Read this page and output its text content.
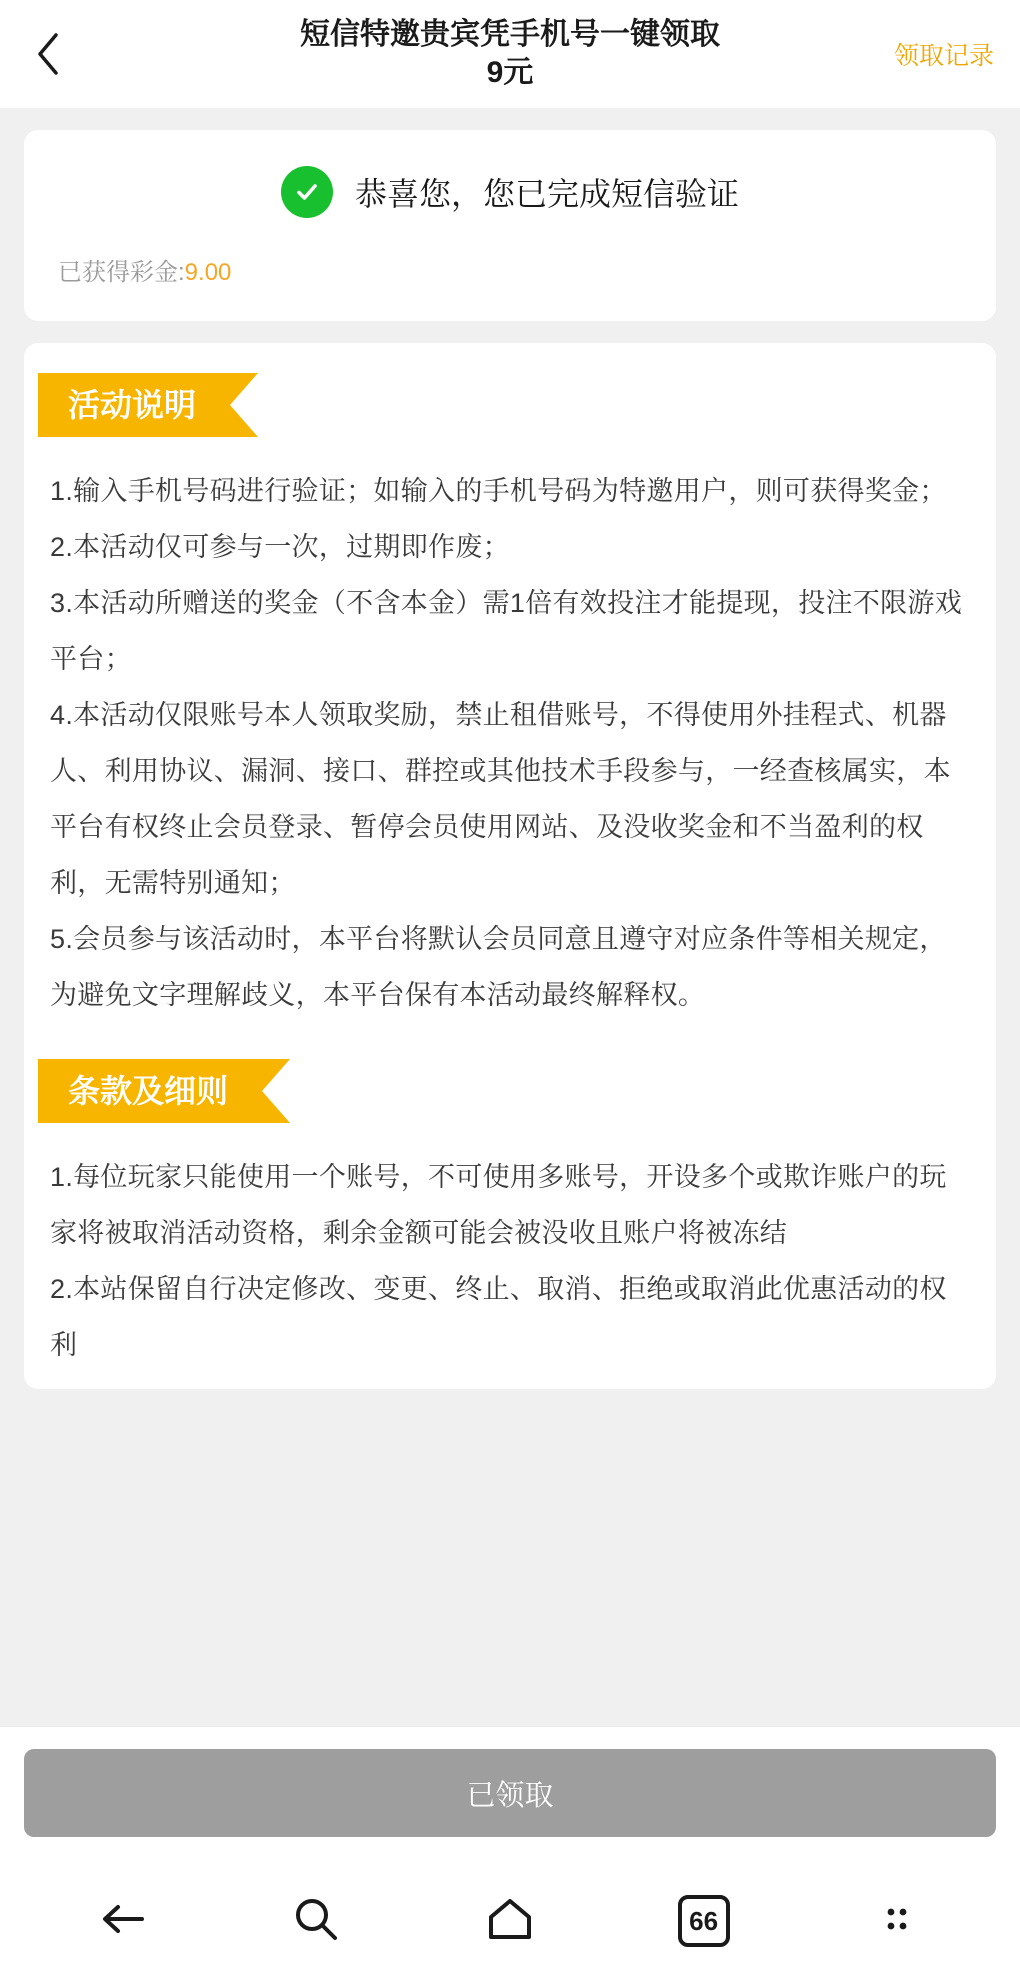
短信特邀贵宾凭手机号一键领取
9元	领取记录
恭喜您，您已完成短信验证
已获得彩金:9.00
活动说明

1.输入手机号码进行验证；如输入的手机号码为特邀用户，则可获得奖金；

2.本活动仅可参与一次，过期即作废；

3.本活动所赠送的奖金（不含本金）需1倍有效投注才能提现，投注不限游戏平台；

4.本活动仅限账号本人领取奖励，禁止租借账号，不得使用外挂程式、机器人、利用协议、漏洞、接口、群控或其他技术手段参与，一经查核属实，本平台有权终止会员登录、暂停会员使用网站、及没收奖金和不当盈利的权利，无需特别通知；

5.会员参与该活动时，本平台将默认会员同意且遵守对应条件等相关规定，为避免文字理解歧义，本平台保有本活动最终解释权。

条款及细则

1.每位玩家只能使用一个账号，不可使用多账号，开设多个或欺诈账户的玩家将被取消活动资格，剩余金额可能会被没收且账户将被冻结

2.本站保留自行决定修改、变更、终止、取消、拒绝或取消此优惠活动的权利

已领取
66
